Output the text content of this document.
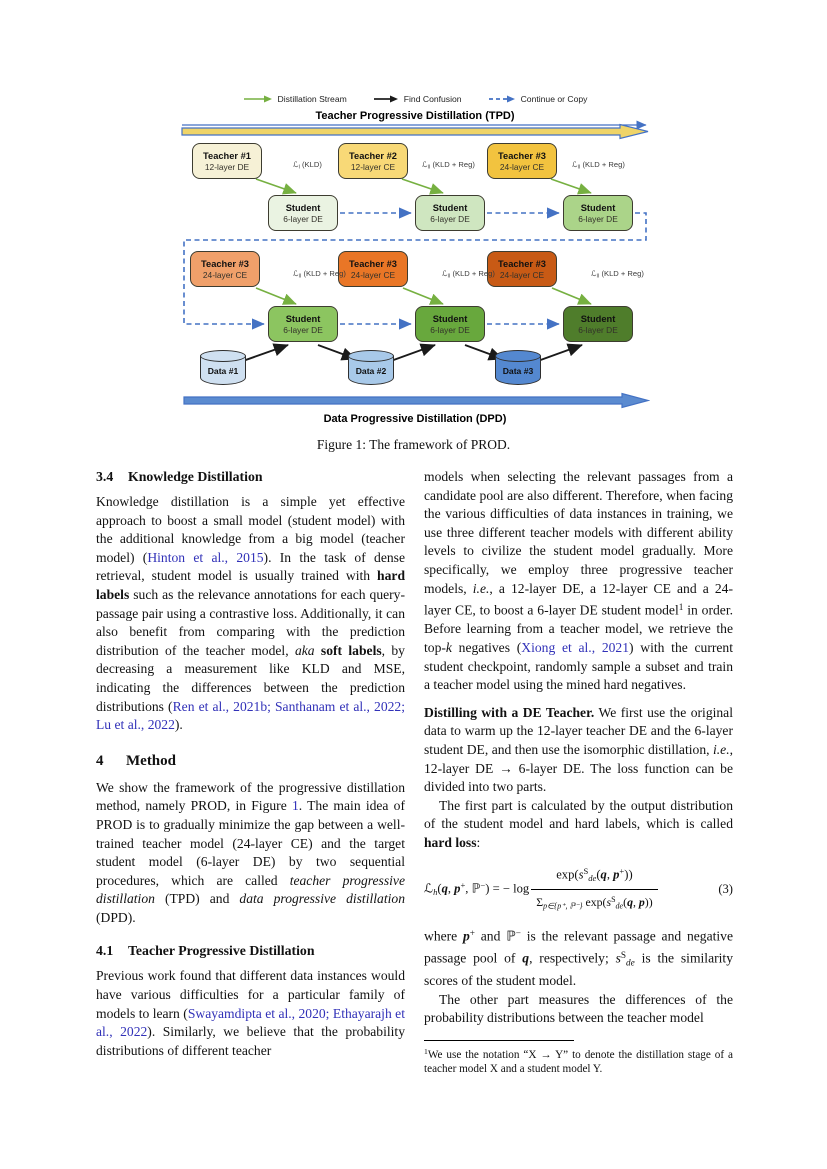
Distillation Stream	Find Confusion	Continue or Copy
Teacher Progressive Distillation (TPD)
Teacher #1
12-layer DE
Teacher #2
12-layer CE
Teacher #3
24-layer CE
ℒ$_I$ (KLD)	ℒ$_{II}$ (KLD + Reg)	ℒ$_{II}$ (KLD + Reg)
Student
6-layer DE
Student
6-layer DE
Student
6-layer DE
Teacher #3
24-layer CE
Teacher #3
24-layer CE
Teacher #3
24-layer CE
ℒ$_{II}$ (KLD + Reg)	ℒ$_{II}$ (KLD + Reg)	ℒ$_{II}$ (KLD + Reg)
Student
6-layer DE
Student
6-layer DE
Student
6-layer DE
Data #1	Data #2	Data #3
Data Progressive Distillation (DPD)
Figure 1: The framework of PROD.
3.4	Knowledge Distillation

Knowledge distillation is a simple yet effective approach to boost a small model (student model) with the additional knowledge from a big model (teacher model) (Hinton et al., 2015). In the task of dense retrieval, student model is usually trained with hard labels such as the relevance annotations for each query-passage pair using a contrastive loss. Additionally, it can also benefit from comparing with the prediction distribution of the teacher model, aka soft labels, by decreasing a measurement like KLD and MSE, indicating the differences between the prediction distributions (Ren et al., 2021b; Santhanam et al., 2022; Lu et al., 2022).

4	Method

We show the framework of the progressive distillation method, namely PROD, in Figure 1. The main idea of PROD is to gradually minimize the gap between a well-trained teacher model (24-layer CE) and the target student model (6-layer DE) by two sequential procedures, which are called teacher progressive distillation (TPD) and data progressive distillation (DPD).

4.1	Teacher Progressive Distillation

Previous work found that different data instances would have various difficulties for a particular family of models to learn (Swayamdipta et al., 2020; Ethayarajh et al., 2022). Similarly, we believe that the probability distributions of different teacher

models when selecting the relevant passages from a candidate pool are also different. Therefore, when facing the various difficulties of data instances in training, we use three different teacher models with different ability levels to civilize the student model gradually. More specifically, we employ three progressive teacher models, i.e., a 12-layer DE, a 12-layer CE and a 24-layer CE, to boost a 6-layer DE student model$^1$ in order. Before learning from a teacher model, we retrieve the top-k negatives (Xiong et al., 2021) with the current student checkpoint, randomly sample a subset and train a teacher model using the mined hard negatives.

Distilling with a DE Teacher. We first use the original data to warm up the 12-layer teacher DE and the 6-layer student DE, and then use the isomorphic distillation, i.e., 12-layer DE → 6-layer DE. The loss function can be divided into two parts.

The first part is calculated by the output distribution of the student model and hard labels, which is called hard loss:

ℒ$_h$(q, p+, ℙ−) = − $\log \frac{\exp(s^S_{de}(q, p^+))}{\Sigma_{p\in\{p^+, ℙ^-\}} \exp(s^S_{de}(q, p))}$	(3)

where p+ and ℙ− is the relevant passage and negative passage pool of q, respectively; $s^S_{de}$ is the similarity scores of the student model.

The other part measures the differences of the probability distributions between the teacher model

$^1$We use the notation “X → Y” to denote the distillation stage of a teacher model X and a student model Y.
